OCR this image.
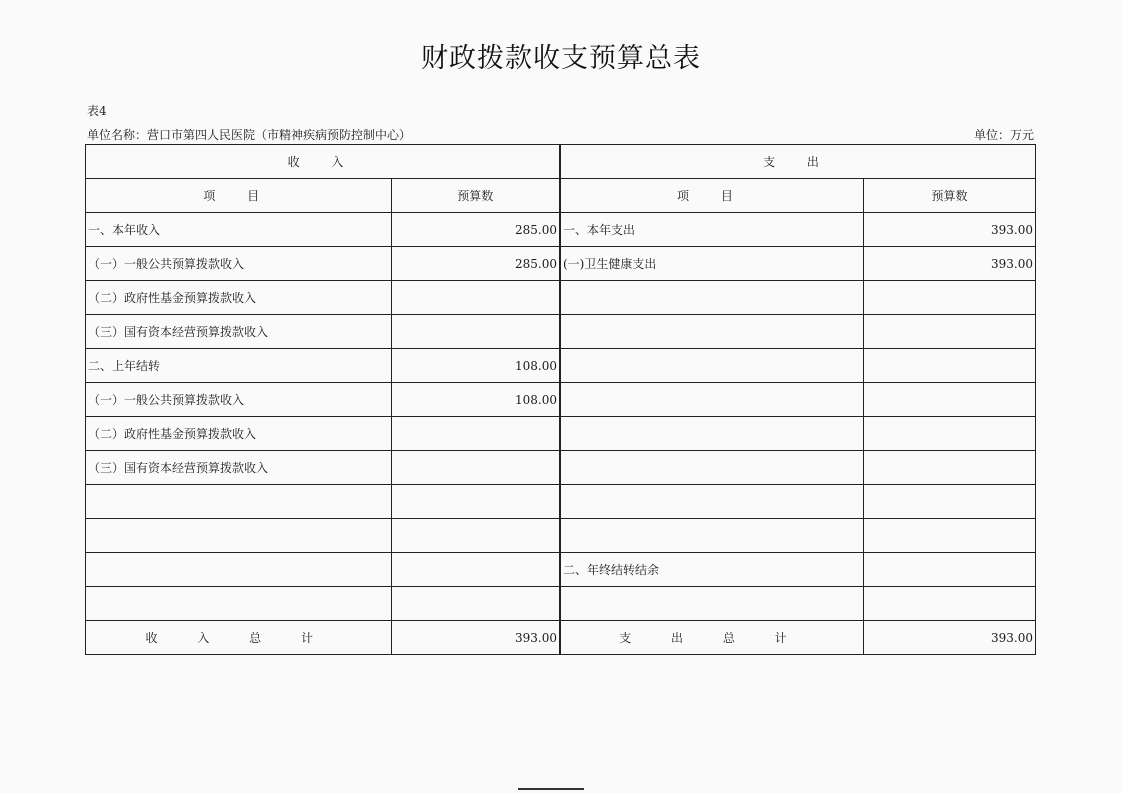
财政拨款收支预算总表
表4
单位名称：营口市第四人民医院（市精神疾病预防控制中心）	单位：万元
收 入		支 出	
项 目	预算数	项 目	预算数
一、本年收入	285.00	一、本年支出	393.00
（一）一般公共预算拨款收入	285.00	(一)卫生健康支出	393.00
（二）政府性基金预算拨款收入			
（三）国有资本经营预算拨款收入			
二、上年结转	108.00		
（一）一般公共预算拨款收入	108.00		
（二）政府性基金预算拨款收入			
（三）国有资本经营预算拨款收入			

		二、年终结转结余	

收 入 总 计	393.00	支 出 总 计	393.00
